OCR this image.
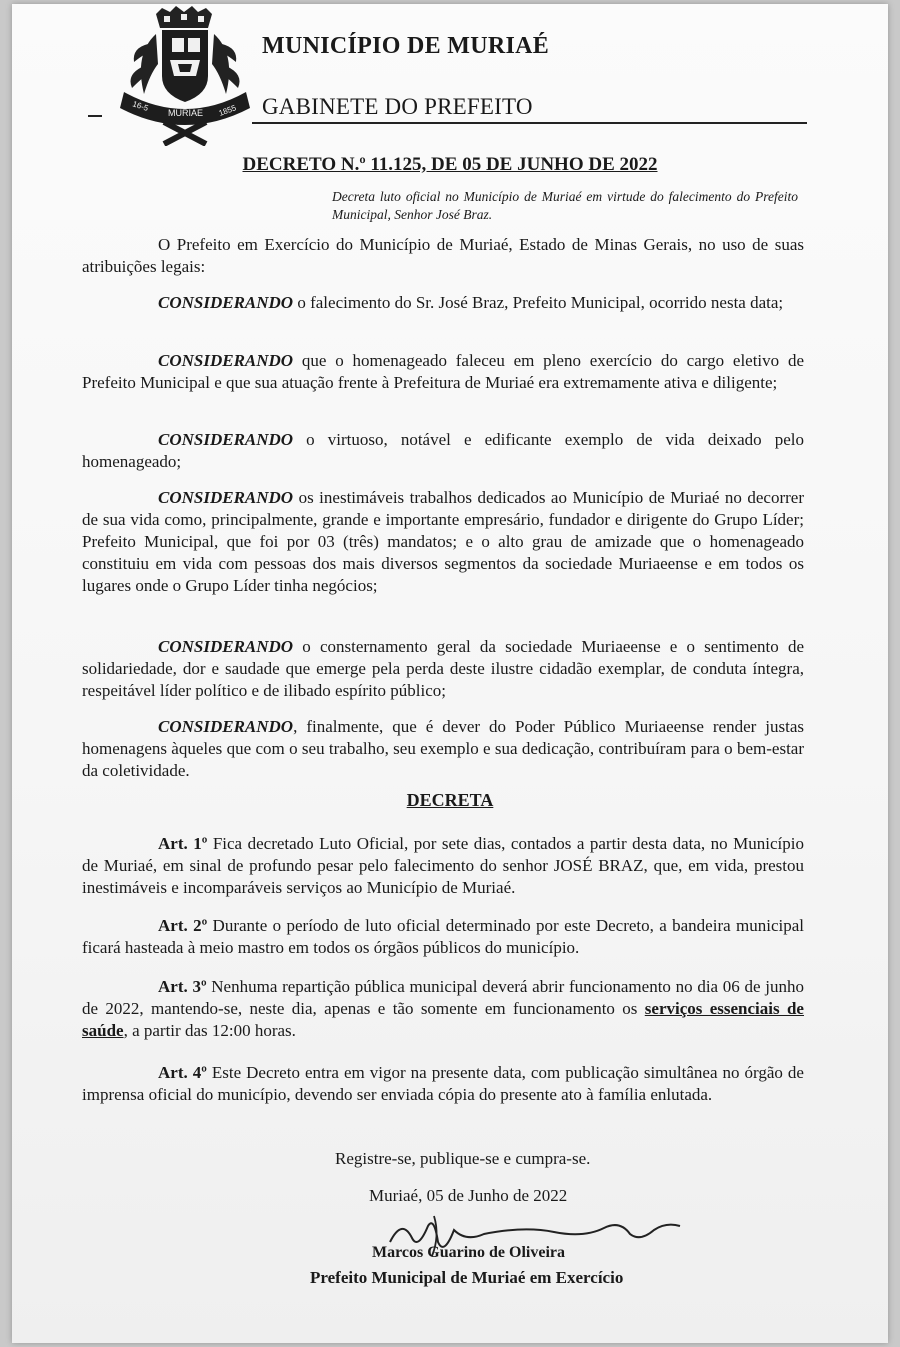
16-5
MURIAE 1855
MUNICÍPIO DE MURIAÉ
GABINETE DO PREFEITO
DECRETO N.º 11.125, DE 05 DE JUNHO DE 2022
Decreta luto oficial no Município de Muriaé em virtude do falecimento do Prefeito Municipal, Senhor José Braz.
O Prefeito em Exercício do Município de Muriaé, Estado de Minas Gerais, no uso de suas atribuições legais:
CONSIDERANDO o falecimento do Sr. José Braz, Prefeito Municipal, ocorrido nesta data;
CONSIDERANDO que o homenageado faleceu em pleno exercício do cargo eletivo de Prefeito Municipal e que sua atuação frente à Prefeitura de Muriaé era extremamente ativa e diligente;
CONSIDERANDO o virtuoso, notável e edificante exemplo de vida deixado pelo homenageado;
CONSIDERANDO os inestimáveis trabalhos dedicados ao Município de Muriaé no decorrer de sua vida como, principalmente, grande e importante empresário, fundador e dirigente do Grupo Líder; Prefeito Municipal, que foi por 03 (três) mandatos; e o alto grau de amizade que o homenageado constituiu em vida com pessoas dos mais diversos segmentos da sociedade Muriaeense e em todos os lugares onde o Grupo Líder tinha negócios;
CONSIDERANDO o consternamento geral da sociedade Muriaeense e o sentimento de solidariedade, dor e saudade que emerge pela perda deste ilustre cidadão exemplar, de conduta íntegra, respeitável líder político e de ilibado espírito público;
CONSIDERANDO, finalmente, que é dever do Poder Público Muriaeense render justas homenagens àqueles que com o seu trabalho, seu exemplo e sua dedicação, contribuíram para o bem-estar da coletividade.
DECRETA
Art. 1º Fica decretado Luto Oficial, por sete dias, contados a partir desta data, no Município de Muriaé, em sinal de profundo pesar pelo falecimento do senhor JOSÉ BRAZ, que, em vida, prestou inestimáveis e incomparáveis serviços ao Município de Muriaé.
Art. 2º Durante o período de luto oficial determinado por este Decreto, a bandeira municipal ficará hasteada à meio mastro em todos os órgãos públicos do município.
Art. 3º Nenhuma repartição pública municipal deverá abrir funcionamento no dia 06 de junho de 2022, mantendo-se, neste dia, apenas e tão somente em funcionamento os serviços essenciais de saúde, a partir das 12:00 horas.
Art. 4º Este Decreto entra em vigor na presente data, com publicação simultânea no órgão de imprensa oficial do município, devendo ser enviada cópia do presente ato à família enlutada.
Registre-se, publique-se e cumpra-se.
Muriaé, 05 de Junho de 2022
Marcos Guarino de Oliveira
Prefeito Municipal de Muriaé em Exercício
